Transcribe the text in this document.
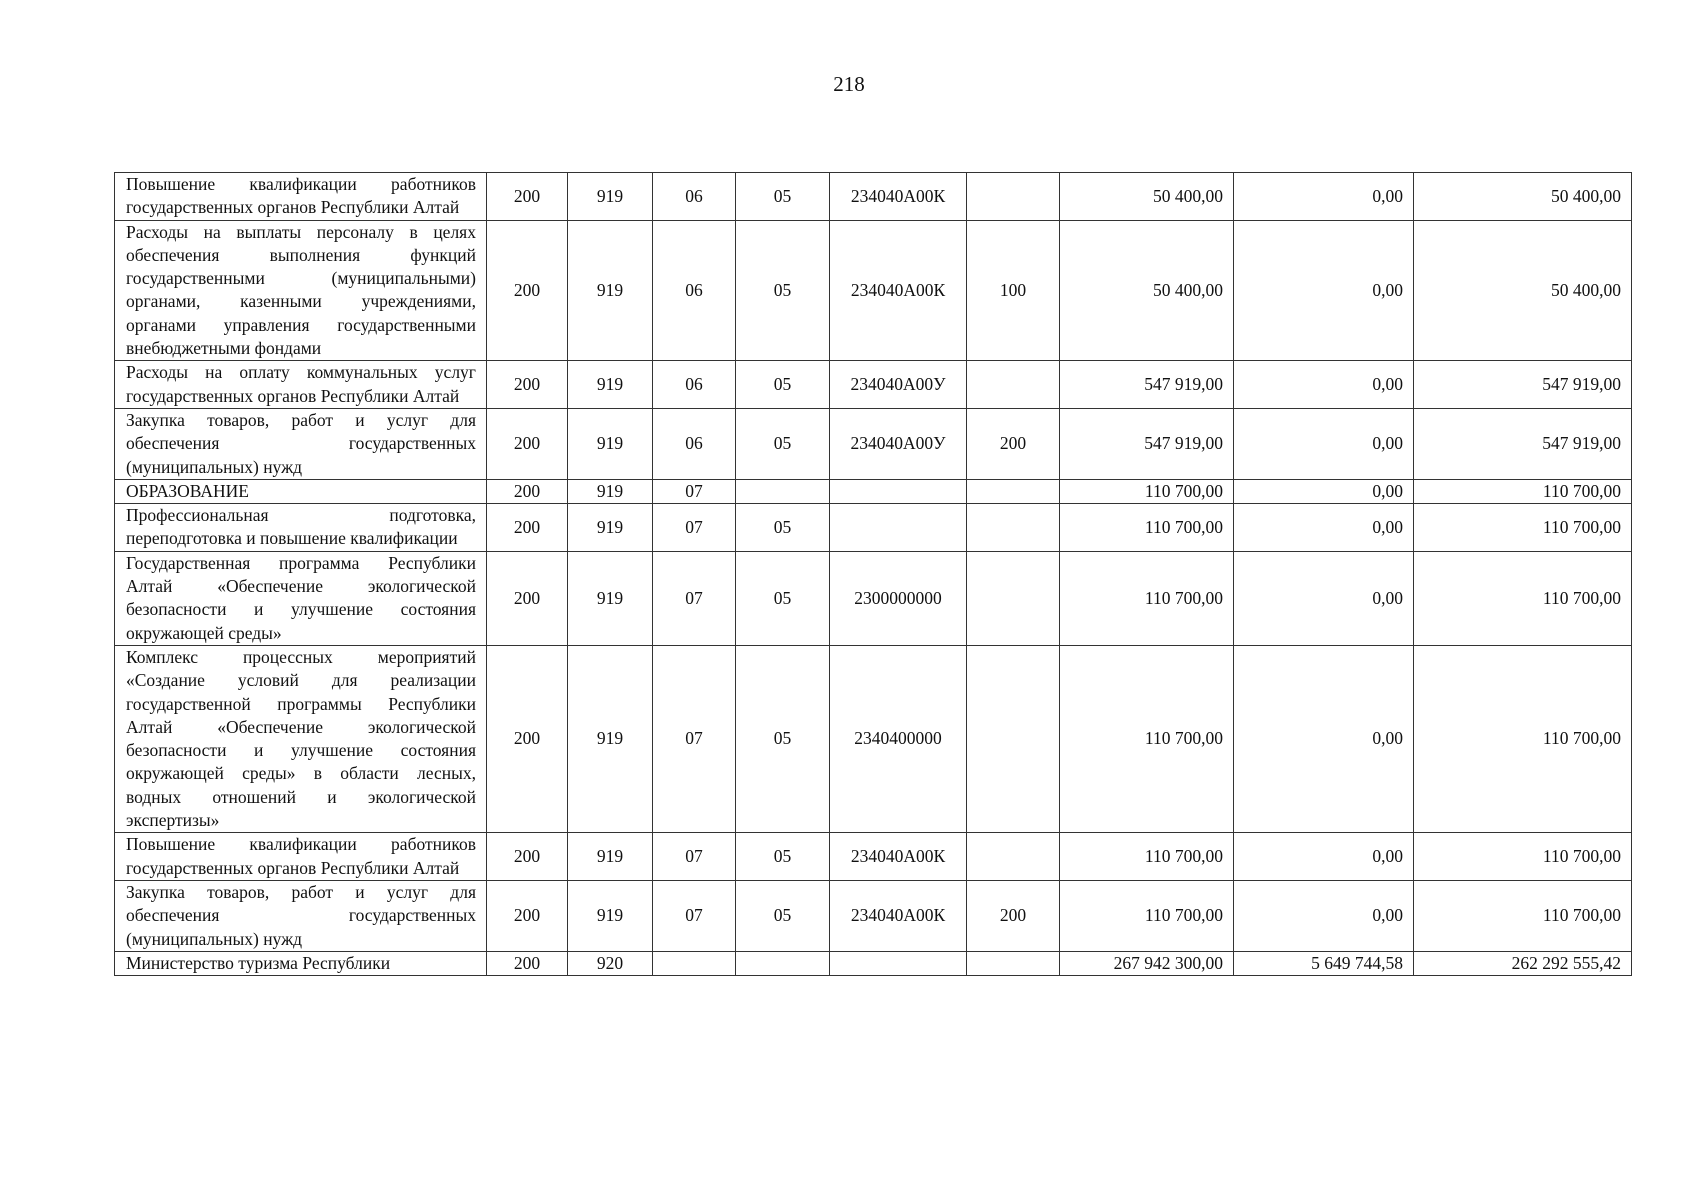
218
Повышение квалификации работников государственных органов Республики Алтай	200	919	06	05	234040А00К		50 400,00	0,00	50 400,00
Расходы на выплаты персоналу в целях обеспечения выполнения функций государственными (муниципальными) органами, казенными учреждениями, органами управления государственными внебюджетными фондами	200	919	06	05	234040А00К	100	50 400,00	0,00	50 400,00
Расходы на оплату коммунальных услуг государственных органов Республики Алтай	200	919	06	05	234040А00У		547 919,00	0,00	547 919,00
Закупка товаров, работ и услуг для обеспечения государственных (муниципальных) нужд	200	919	06	05	234040А00У	200	547 919,00	0,00	547 919,00
ОБРАЗОВАНИЕ	200	919	07				110 700,00	0,00	110 700,00
Профессиональная подготовка, переподготовка и повышение квалификации	200	919	07	05			110 700,00	0,00	110 700,00
Государственная программа Республики Алтай «Обеспечение экологической безопасности и улучшение состояния окружающей среды»	200	919	07	05	2300000000		110 700,00	0,00	110 700,00
Комплекс процессных мероприятий «Создание условий для реализации государственной программы Республики Алтай «Обеспечение экологической безопасности и улучшение состояния окружающей среды» в области лесных, водных отношений и экологической экспертизы»	200	919	07	05	2340400000		110 700,00	0,00	110 700,00
Повышение квалификации работников государственных органов Республики Алтай	200	919	07	05	234040А00К		110 700,00	0,00	110 700,00
Закупка товаров, работ и услуг для обеспечения государственных (муниципальных) нужд	200	919	07	05	234040А00К	200	110 700,00	0,00	110 700,00
Министерство туризма Республики	200	920					267 942 300,00	5 649 744,58	262 292 555,42
